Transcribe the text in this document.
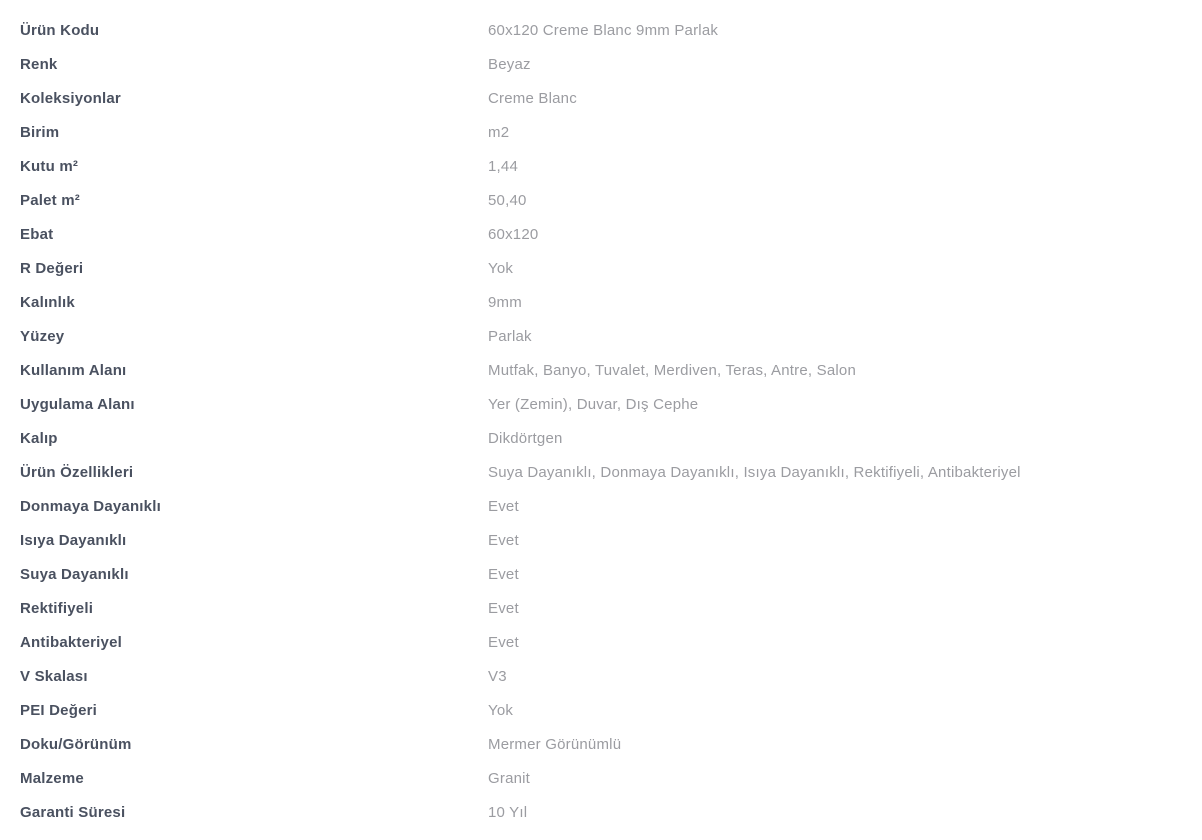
Ürün Kodu	60x120 Creme Blanc 9mm Parlak
Renk	Beyaz
Koleksiyonlar	Creme Blanc
Birim	m2
Kutu m²	1,44
Palet m²	50,40
Ebat	60x120
R Değeri	Yok
Kalınlık	9mm
Yüzey	Parlak
Kullanım Alanı	Mutfak, Banyo, Tuvalet, Merdiven, Teras, Antre, Salon
Uygulama Alanı	Yer (Zemin), Duvar, Dış Cephe
Kalıp	Dikdörtgen
Ürün Özellikleri	Suya Dayanıklı, Donmaya Dayanıklı, Isıya Dayanıklı, Rektifiyeli, Antibakteriyel
Donmaya Dayanıklı	Evet
Isıya Dayanıklı	Evet
Suya Dayanıklı	Evet
Rektifiyeli	Evet
Antibakteriyel	Evet
V Skalası	V3
PEI Değeri	Yok
Doku/Görünüm	Mermer Görünümlü
Malzeme	Granit
Garanti Süresi	10 Yıl
